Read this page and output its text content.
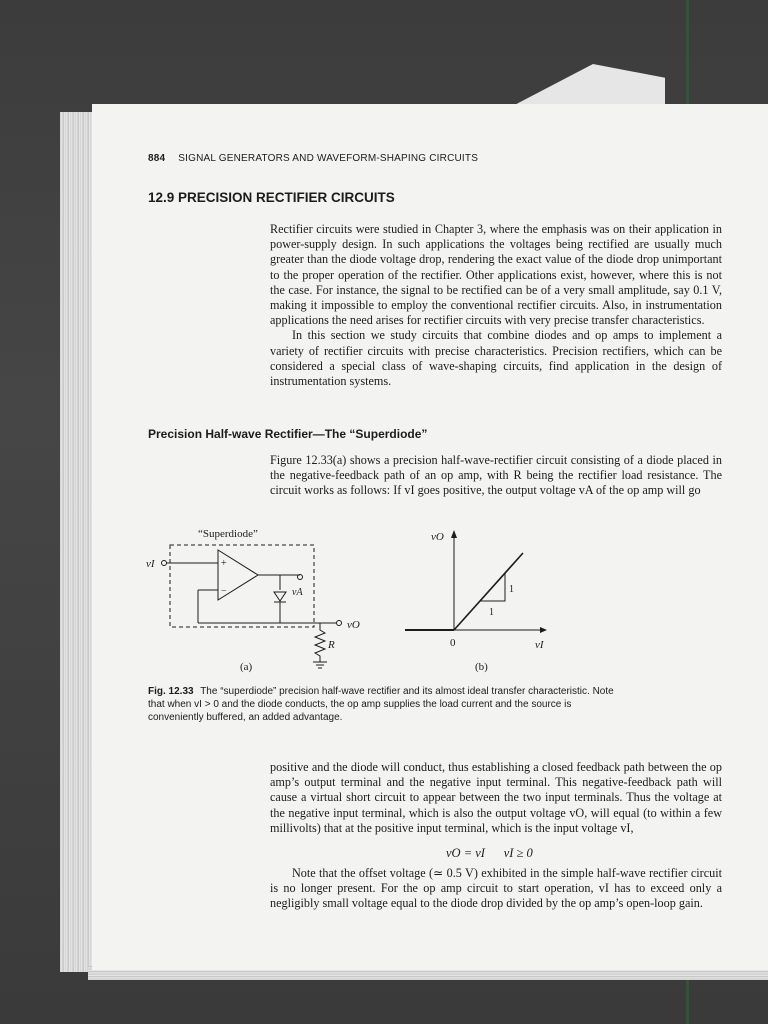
884 SIGNAL GENERATORS AND WAVEFORM-SHAPING CIRCUITS
12.9 PRECISION RECTIFIER CIRCUITS

Rectifier circuits were studied in Chapter 3, where the emphasis was on their application in power-supply design. In such applications the voltages being rectified are usually much greater than the diode voltage drop, rendering the exact value of the diode drop unimportant to the proper operation of the rectifier. Other applications exist, however, where this is not the case. For instance, the signal to be rectified can be of a very small amplitude, say 0.1 V, making it impossible to employ the conventional rectifier circuits. Also, in instrumentation applications the need arises for rectifier circuits with very precise transfer characteristics.

In this section we study circuits that combine diodes and op amps to implement a variety of rectifier circuits with precise characteristics. Precision rectifiers, which can be considered a special class of wave-shaping circuits, find application in the design of instrumentation systems.

Precision Half-wave Rectifier—The “Superdiode”

Figure 12.33(a) shows a precision half-wave-rectifier circuit consisting of a diode placed in the negative-feedback path of an op amp, with R being the rectifier load resistance. The circuit works as follows: If vI goes positive, the output voltage vA of the op amp will go

“Superdiode”
vI	+
−	vA
vO
R
(a)
vO
vI
0
1
1
(b)
Fig. 12.33 The “superdiode” precision half-wave rectifier and its almost ideal transfer characteristic. Note that when vI > 0 and the diode conducts, the op amp supplies the load current and the source is conveniently buffered, an added advantage.

positive and the diode will conduct, thus establishing a closed feedback path between the op amp’s output terminal and the negative input terminal. This negative-feedback path will cause a virtual short circuit to appear between the two input terminals. Thus the voltage at the negative input terminal, which is also the output voltage vO, will equal (to within a few millivolts) that at the positive input terminal, which is the input voltage vI,

vO = vI      vI ≥ 0

Note that the offset voltage (≃ 0.5 V) exhibited in the simple half-wave rectifier circuit is no longer present. For the op amp circuit to start operation, vI has to exceed only a negligibly small voltage equal to the diode drop divided by the op amp’s open-loop gain.
